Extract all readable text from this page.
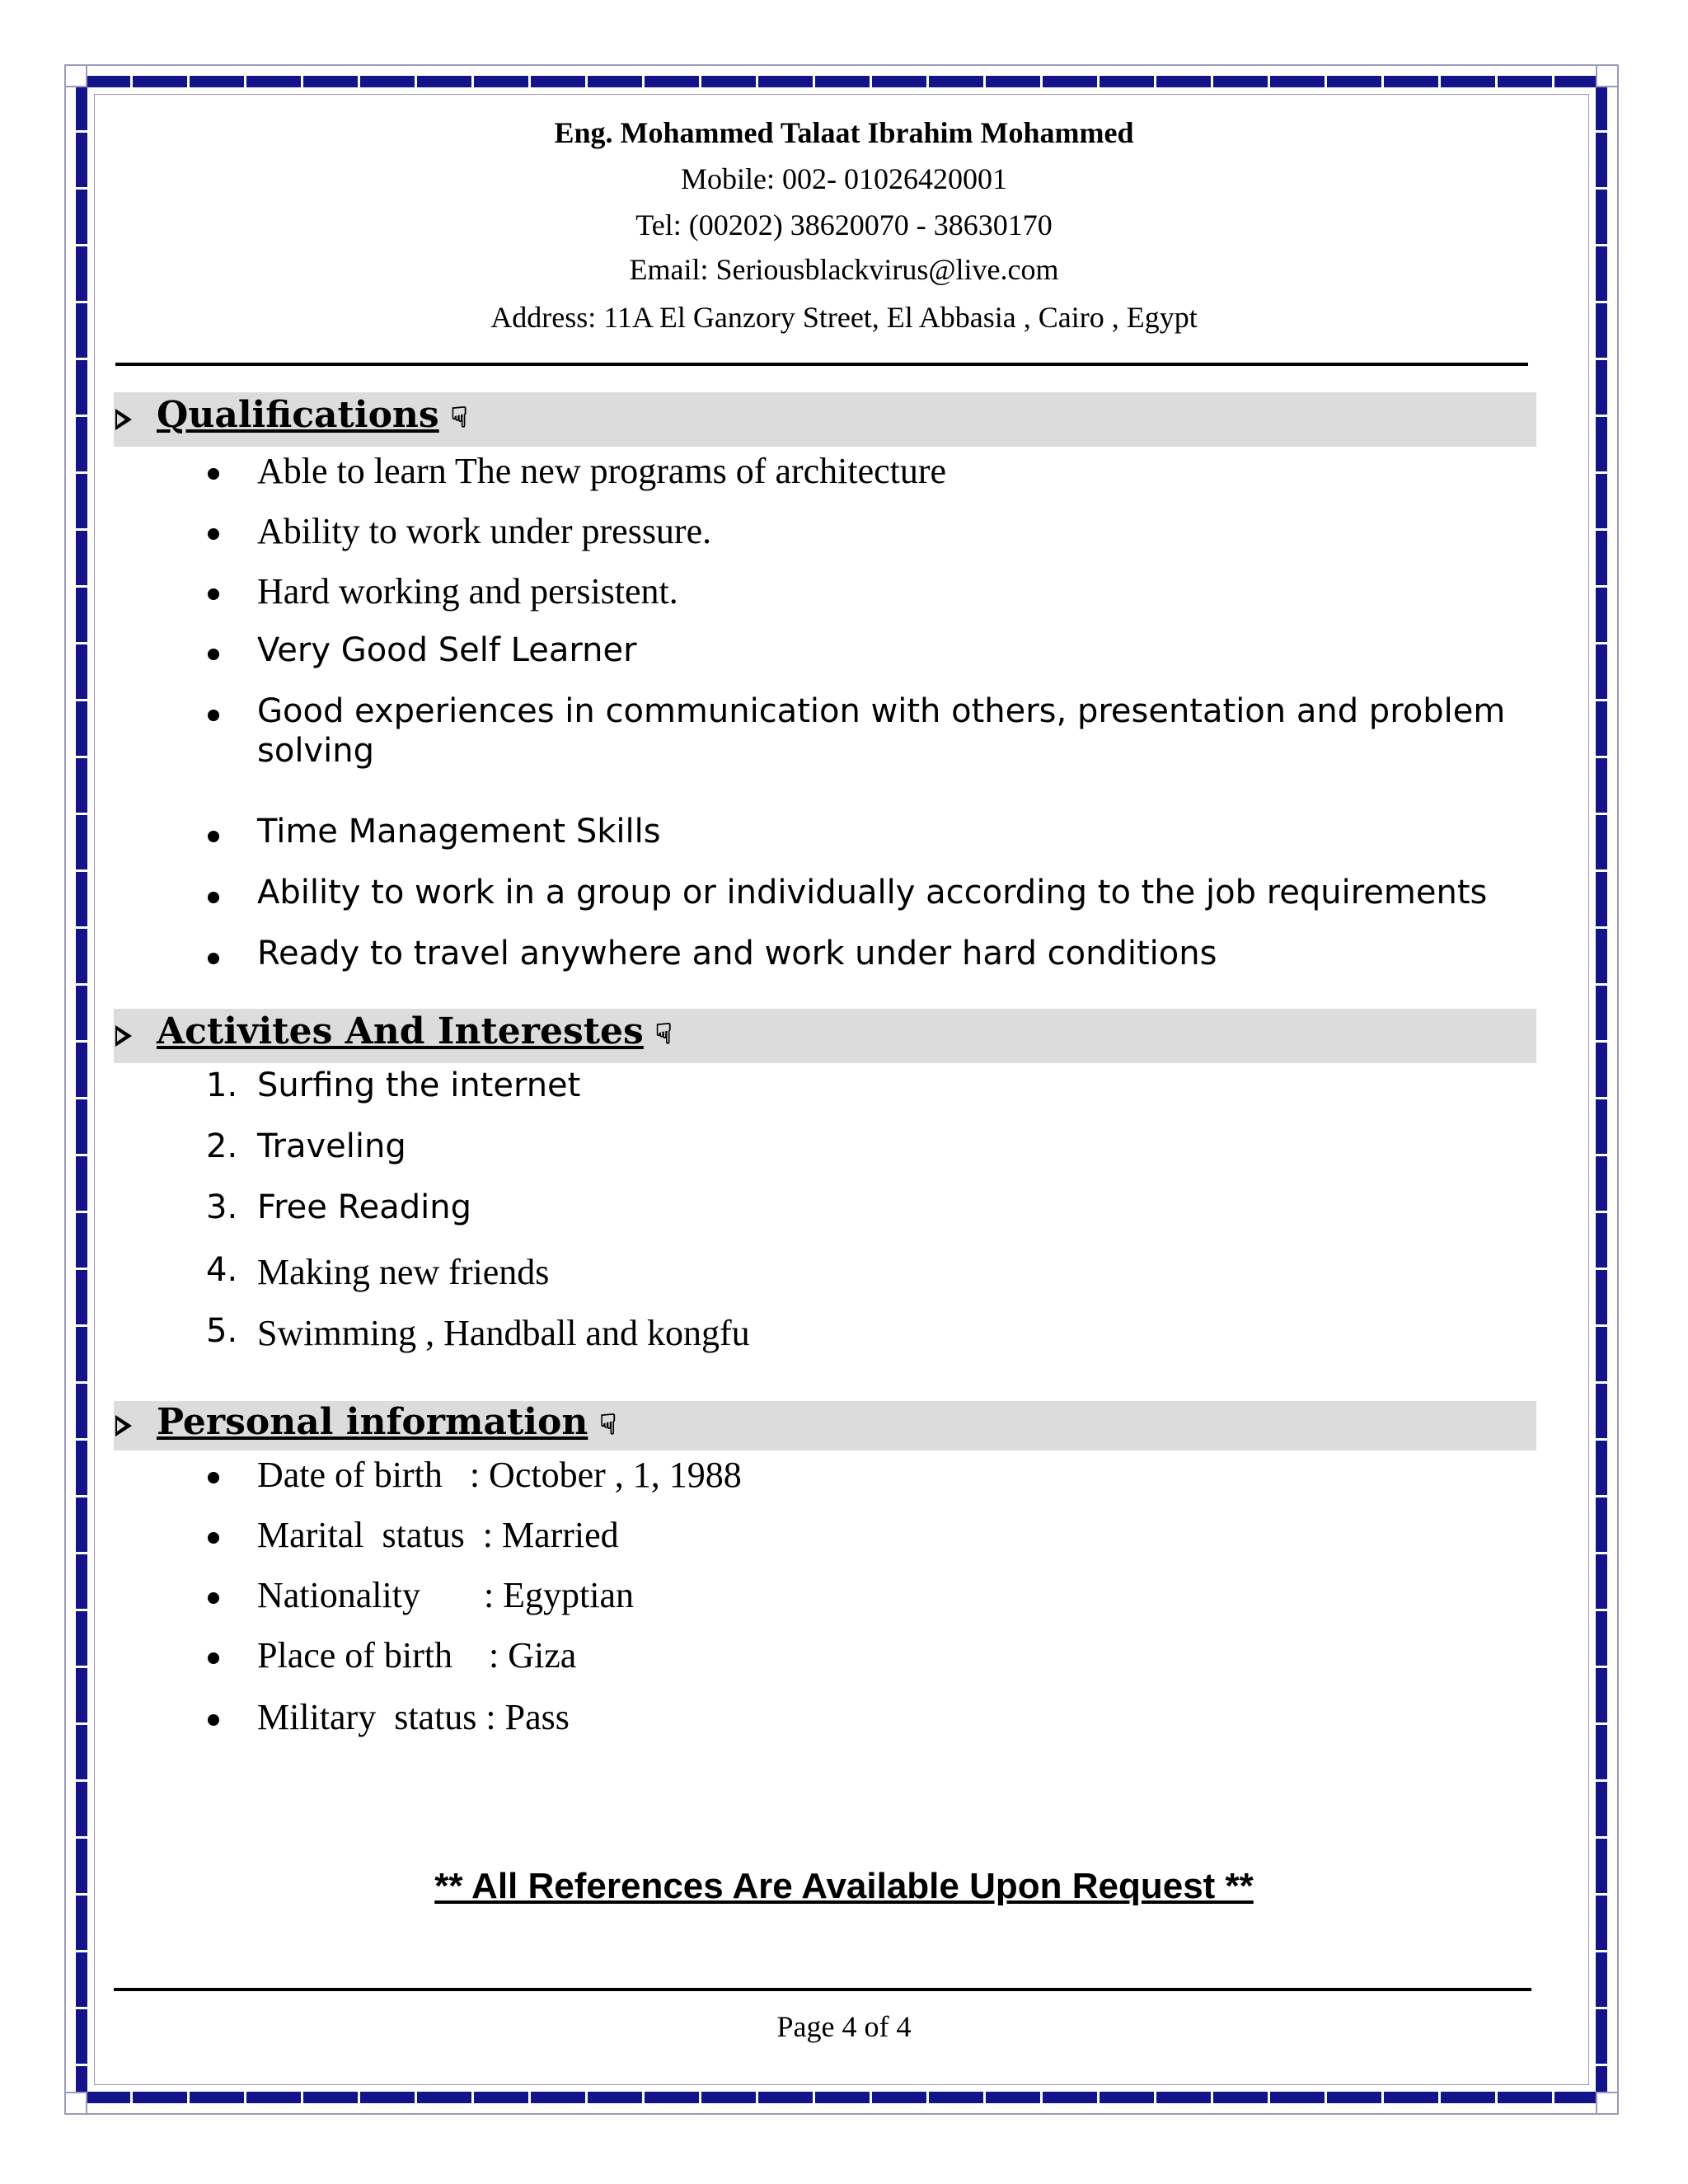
Eng. Mohammed Talaat Ibrahim Mohammed
Mobile: 002- 01026420001
Tel: (00202) 38620070 - 38630170
Email: Seriousblackvirus@live.com
Address: 11A El Ganzory Street, El Abbasia , Cairo , Egypt
Qualifications ☟
Able to learn The new programs of architecture
Ability to work under pressure.
Hard working and persistent.
Very Good Self Learner
Good experiences in communication with others, presentation and problem
solving
Time Management Skills
Ability to work in a group or individually according to the job requirements
Ready to travel anywhere and work under hard conditions
Activites And Interestes ☟
1. Surfing the internet
2. Traveling
3. Free Reading
4. Making new friends
5. Swimming , Handball and kongfu
Personal information ☟
Date of birth   : October , 1, 1988
Marital  status  : Married
Nationality       : Egyptian
Place of birth    : Giza
Military  status : Pass
** All References Are Available Upon Request **
Page 4 of 4
